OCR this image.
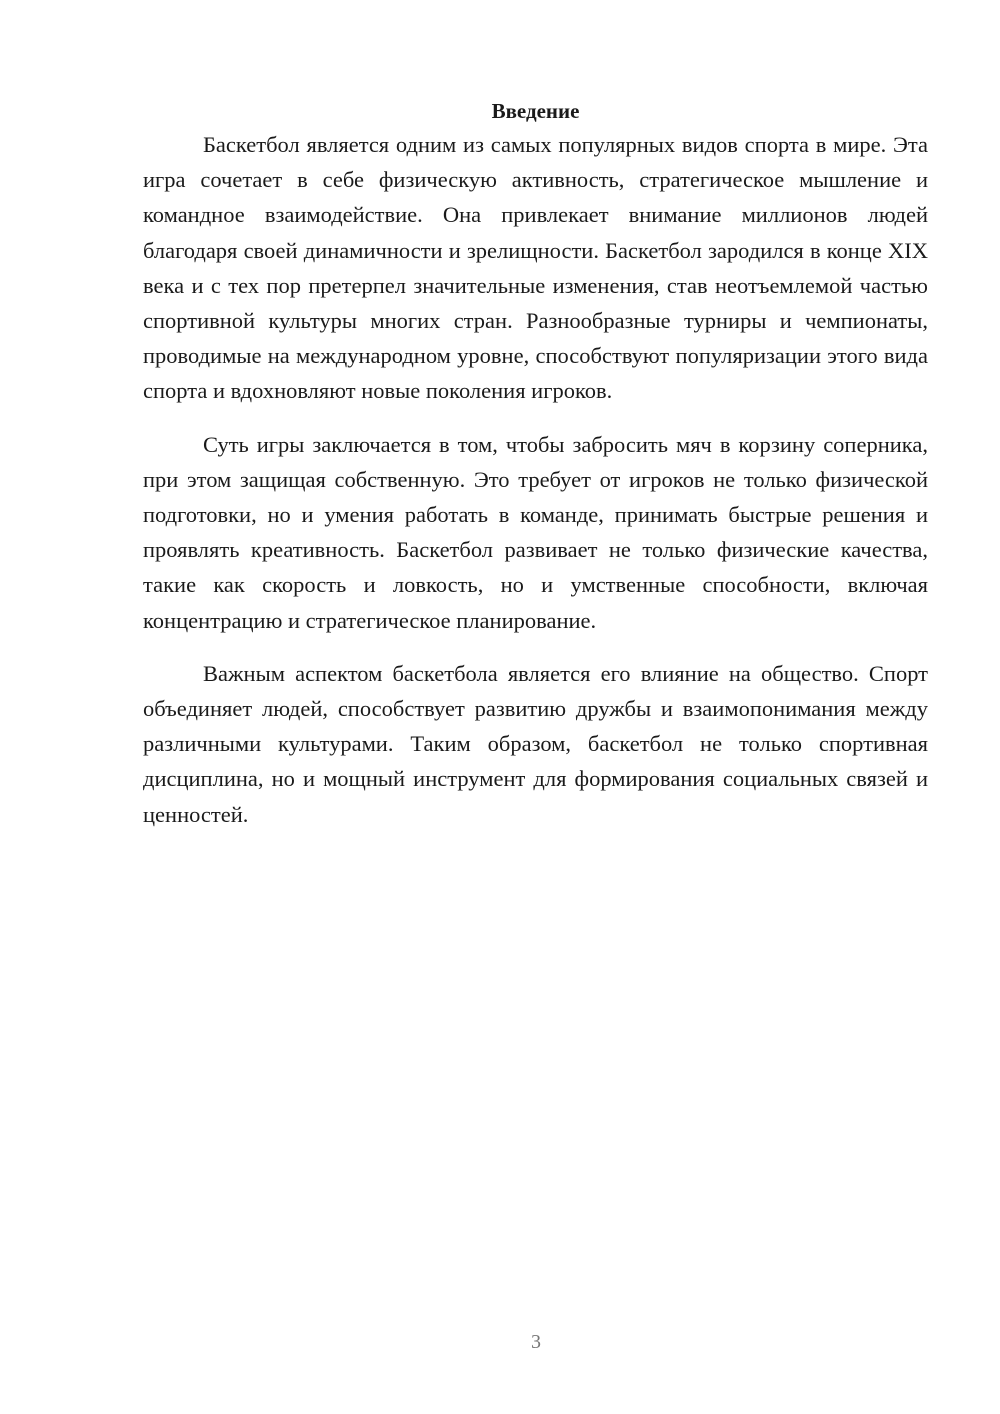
Введение

Баскетбол является одним из самых популярных видов спорта в мире. Эта игра сочетает в себе физическую активность, стратегическое мышление и командное взаимодействие. Она привлекает внимание миллионов людей благодаря своей динамичности и зрелищности. Баскетбол зародился в конце XIX века и с тех пор претерпел значительные изменения, став неотъемлемой частью спортивной культуры многих стран. Разнообразные турниры и чемпионаты, проводимые на международном уровне, способствуют популяризации этого вида спорта и вдохновляют новые поколения игроков.

Суть игры заключается в том, чтобы забросить мяч в корзину соперника, при этом защищая собственную. Это требует от игроков не только физической подготовки, но и умения работать в команде, принимать быстрые решения и проявлять креативность. Баскетбол развивает не только физические качества, такие как скорость и ловкость, но и умственные способности, включая концентрацию и стратегическое планирование.

Важным аспектом баскетбола является его влияние на общество. Спорт объединяет людей, способствует развитию дружбы и взаимопонимания между различными культурами. Таким образом, баскетбол не только спортивная дисциплина, но и мощный инструмент для формирования социальных связей и ценностей.

3
